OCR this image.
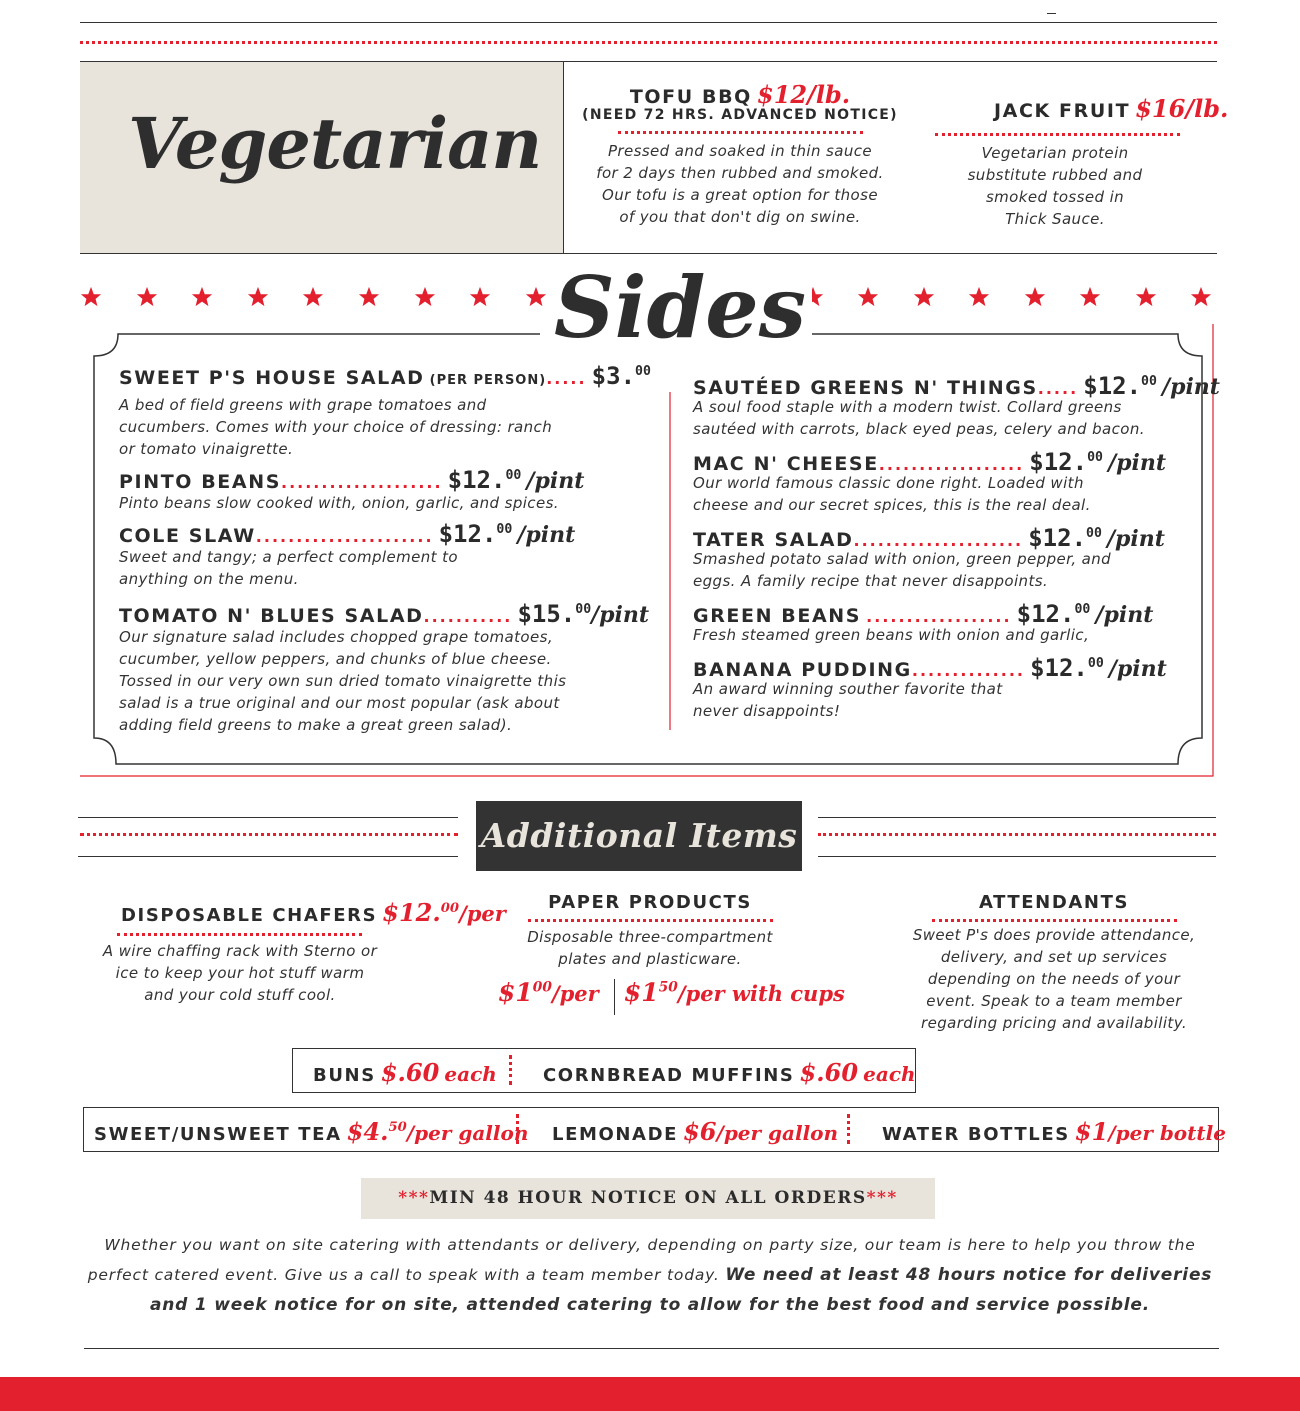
Vegetarian
TOFU BBQ $12/lb.
(NEED 72 HRS. ADVANCED NOTICE)
Pressed and soaked in thin sauce
for 2 days then rubbed and smoked.
Our tofu is a great option for those
of you that don't dig on swine.
JACK FRUIT $16/lb.
Vegetarian protein
substitute rubbed and
smoked tossed in
Thick Sauce.
Sides
SWEET P'S HOUSE SALAD (PER PERSON)..... $3.00
A bed of field greens with grape tomatoes and
cucumbers. Comes with your choice of dressing: ranch
or tomato vinaigrette.
PINTO BEANS.................... $12.00 /pint
Pinto beans slow cooked with, onion, garlic, and spices.
COLE SLAW...................... $12.00 /pint
Sweet and tangy; a perfect complement to
anything on the menu.
TOMATO N' BLUES SALAD........... $15.00/pint
Our signature salad includes chopped grape tomatoes,
cucumber, yellow peppers, and chunks of blue cheese.
Tossed in our very own sun dried tomato vinaigrette this
salad is a true original and our most popular (ask about
adding field greens to make a great green salad).
SAUTÉED GREENS N' THINGS..... $12.00 /pint
A soul food staple with a modern twist. Collard greens
sautéed with carrots, black eyed peas, celery and bacon.
MAC N' CHEESE.................. $12.00 /pint
Our world famous classic done right. Loaded with
cheese and our secret spices, this is the real deal.
TATER SALAD..................... $12.00 /pint
Smashed potato salad with onion, green pepper, and
eggs. A family recipe that never disappoints.
GREEN BEANS .................. $12.00 /pint
Fresh steamed green beans with onion and garlic,
BANANA PUDDING.............. $12.00 /pint
An award winning souther favorite that
never disappoints!
Additional Items
DISPOSABLE CHAFERS $12.00/per
A wire chaffing rack with Sterno or
ice to keep your hot stuff warm
and your cold stuff cool.
PAPER PRODUCTS
Disposable three-compartment
plates and plasticware.
$\$1^{00}$/per $\$1^{50}$/per with cups
ATTENDANTS
Sweet P's does provide attendance,
delivery, and set up services
depending on the needs of your
event. Speak to a team member
regarding pricing and availability.
BUNS $.60 each	CORNBREAD MUFFINS $.60 each
SWEET/UNSWEET TEA $4.50/per gallon LEMONADE $6/per gallon WATER BOTTLES $1/per bottle
***MIN 48 HOUR NOTICE ON ALL ORDERS***
Whether you want on site catering with attendants or delivery, depending on party size, our team is here to help you throw the
perfect catered event. Give us a call to speak with a team member today. We need at least 48 hours notice for deliveries
and 1 week notice for on site, attended catering to allow for the best food and service possible.
